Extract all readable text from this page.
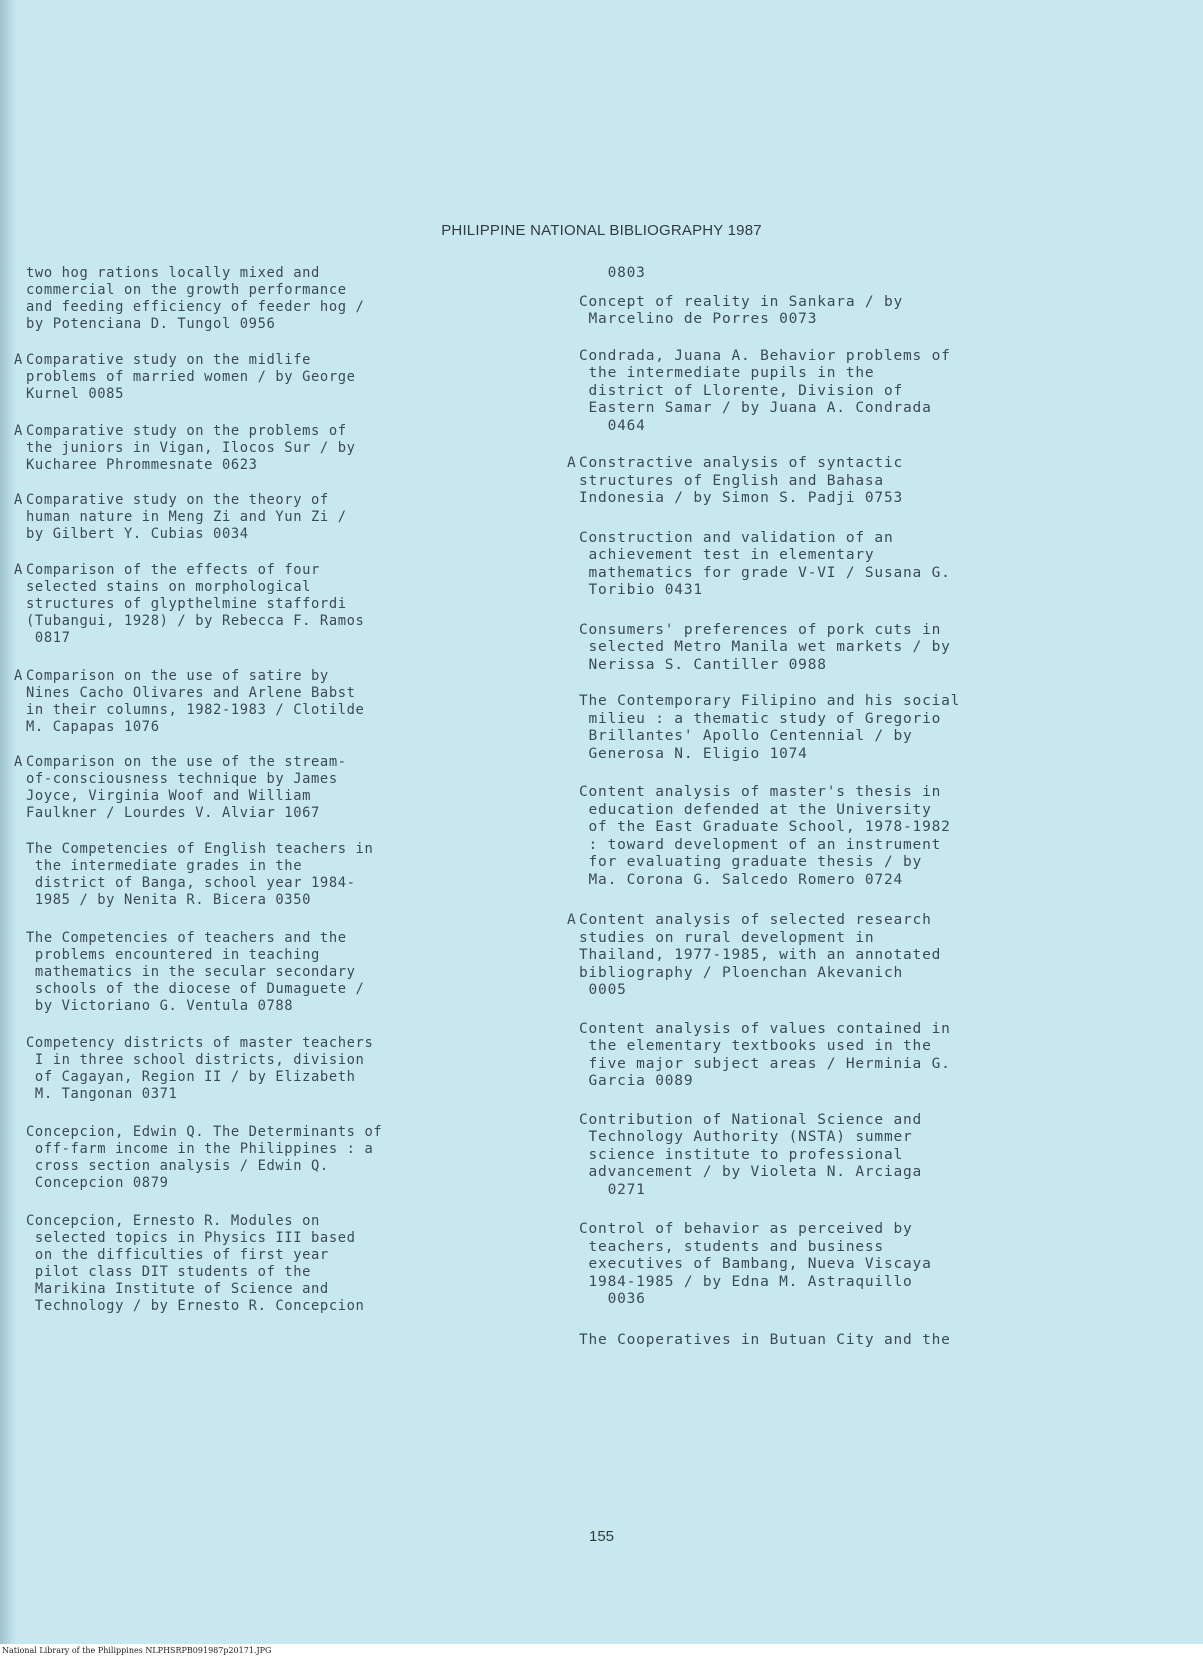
PHILIPPINE NATIONAL BIBLIOGRAPHY 1987
two hog rations locally mixed and
commercial on the growth performance
and feeding efficiency of feeder hog /
by Potenciana D. Tungol 0956
A Comparative study on the midlife
problems of married women / by George
Kurnel 0085
A Comparative study on the problems of
the juniors in Vigan, Ilocos Sur / by
Kucharee Phrommesnate 0623
A Comparative study on the theory of
human nature in Meng Zi and Yun Zi /
by Gilbert Y. Cubias 0034
A Comparison of the effects of four
selected stains on morphological
structures of glypthelmine staffordi
(Tubangui, 1928) / by Rebecca F. Ramos
0817
A Comparison on the use of satire by
Nines Cacho Olivares and Arlene Babst
in their columns, 1982-1983 / Clotilde
M. Capapas 1076
A Comparison on the use of the stream-
of-consciousness technique by James
Joyce, Virginia Woof and William
Faulkner / Lourdes V. Alviar 1067
The Competencies of English teachers in
the intermediate grades in the
district of Banga, school year 1984-
1985 / by Nenita R. Bicera 0350
The Competencies of teachers and the
problems encountered in teaching
mathematics in the secular secondary
schools of the diocese of Dumaguete /
by Victoriano G. Ventula 0788
Competency districts of master teachers
I in three school districts, division
of Cagayan, Region II / by Elizabeth
M. Tangonan 0371
Concepcion, Edwin Q. The Determinants of
off-farm income in the Philippines : a
cross section analysis / Edwin Q.
Concepcion 0879
Concepcion, Ernesto R. Modules on
selected topics in Physics III based
on the difficulties of first year
pilot class DIT students of the
Marikina Institute of Science and
Technology / by Ernesto R. Concepcion
0803
Concept of reality in Sankara / by
Marcelino de Porres 0073
Condrada, Juana A. Behavior problems of
the intermediate pupils in the
district of Llorente, Division of
Eastern Samar / by Juana A. Condrada
0464
A Constractive analysis of syntactic
structures of English and Bahasa
Indonesia / by Simon S. Padji 0753
Construction and validation of an
achievement test in elementary
mathematics for grade V-VI / Susana G.
Toribio 0431
Consumers' preferences of pork cuts in
selected Metro Manila wet markets / by
Nerissa S. Cantiller 0988
The Contemporary Filipino and his social
milieu : a thematic study of Gregorio
Brillantes' Apollo Centennial / by
Generosa N. Eligio 1074
Content analysis of master's thesis in
education defended at the University
of the East Graduate School, 1978-1982
: toward development of an instrument
for evaluating graduate thesis / by
Ma. Corona G. Salcedo Romero 0724
A Content analysis of selected research
studies on rural development in
Thailand, 1977-1985, with an annotated
bibliography / Ploenchan Akevanich
0005
Content analysis of values contained in
the elementary textbooks used in the
five major subject areas / Herminia G.
Garcia 0089
Contribution of National Science and
Technology Authority (NSTA) summer
science institute to professional
advancement / by Violeta N. Arciaga
0271
Control of behavior as perceived by
teachers, students and business
executives of Bambang, Nueva Viscaya
1984-1985 / by Edna M. Astraquillo
0036
The Cooperatives in Butuan City and the
155
National Library of the Philippines NLPHSRPB091987p20171.JPG
